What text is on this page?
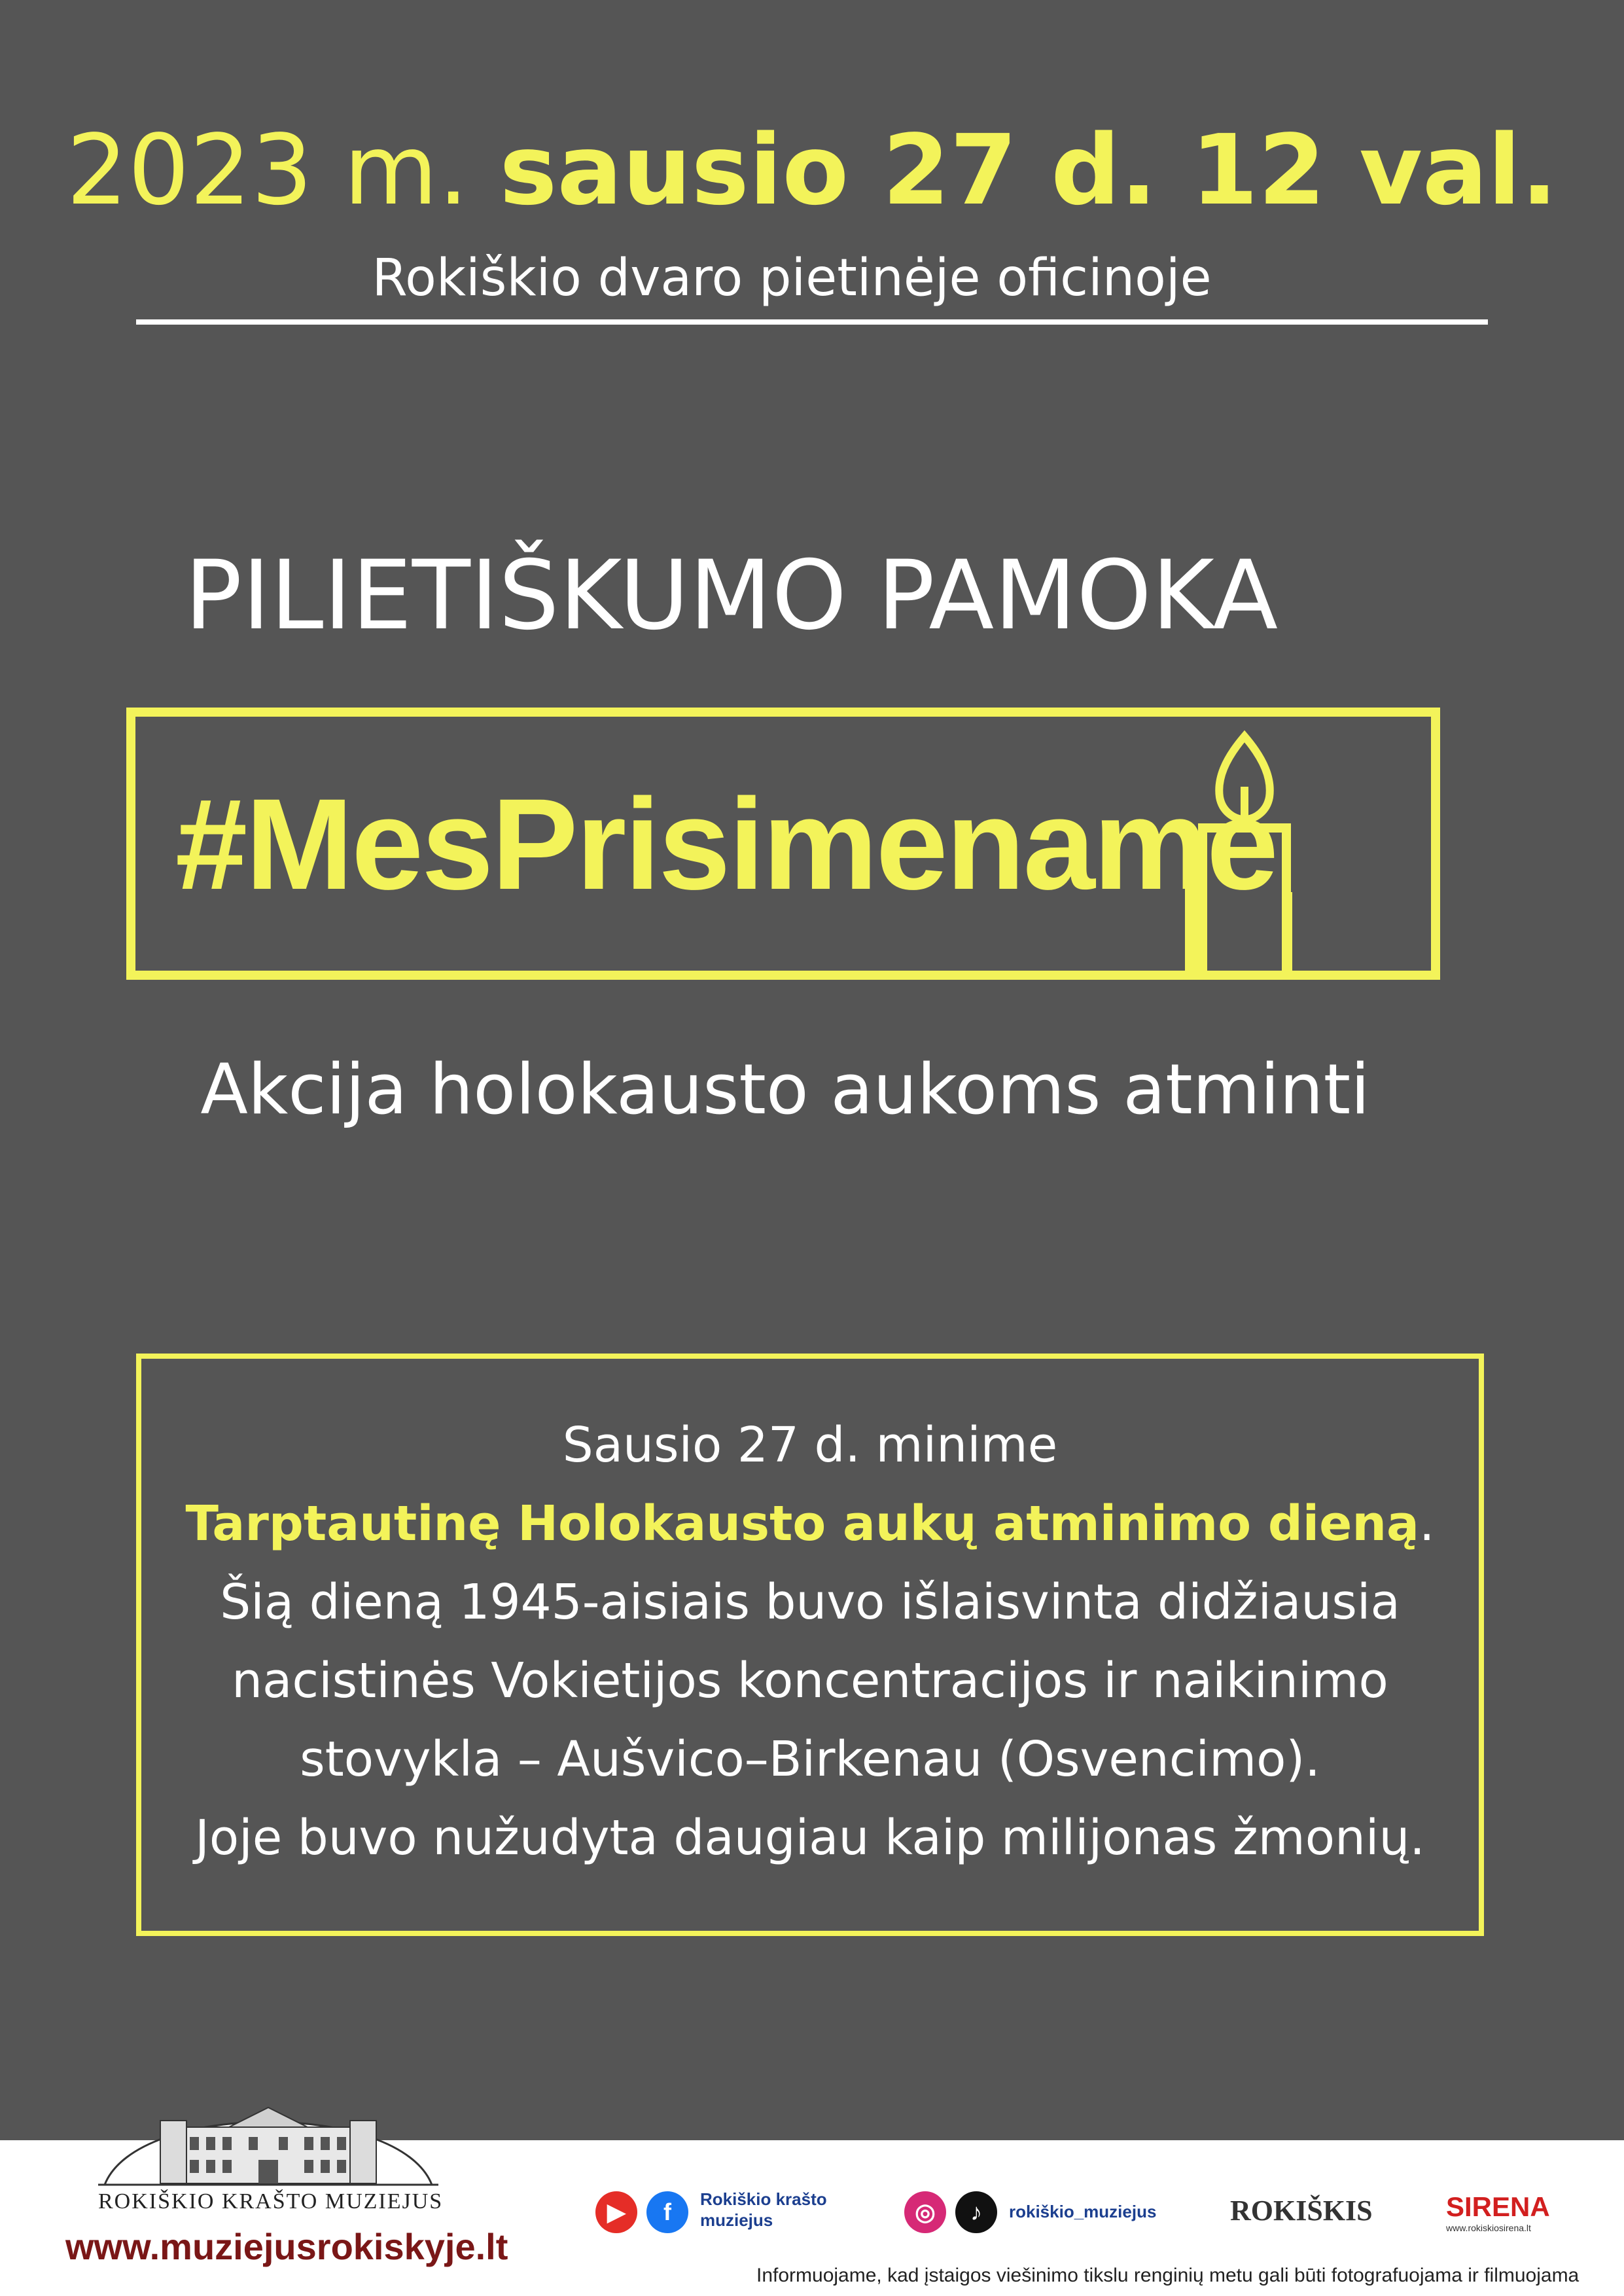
2023 m. sausio 27 d. 12 val.
Rokiškio dvaro pietinėje oficinoje
PILIETIŠKUMO PAMOKA
#MesPrisimename
Akcija holokausto aukoms atminti
Sausio 27 d. minime
Tarptautinę Holokausto aukų atminimo dieną.
Šią dieną 1945-aisiais buvo išlaisvinta didžiausia
nacistinės Vokietijos koncentracijos ir naikinimo
stovykla – Aušvico–Birkenau (Osvencimo).
Joje buvo nužudyta daugiau kaip milijonas žmonių.
ROKIŠKIO KRAŠTO MUZIEJUS
www.muziejusrokiskyje.lt
▶	f	Rokiškio krašto
muziejus	◎	♪	rokiškio_muziejus	ROKIŠKIS	SIRENA
www.rokiskiosirena.lt
Informuojame, kad įstaigos viešinimo tikslu renginių metu gali būti fotografuojama ir filmuojama
